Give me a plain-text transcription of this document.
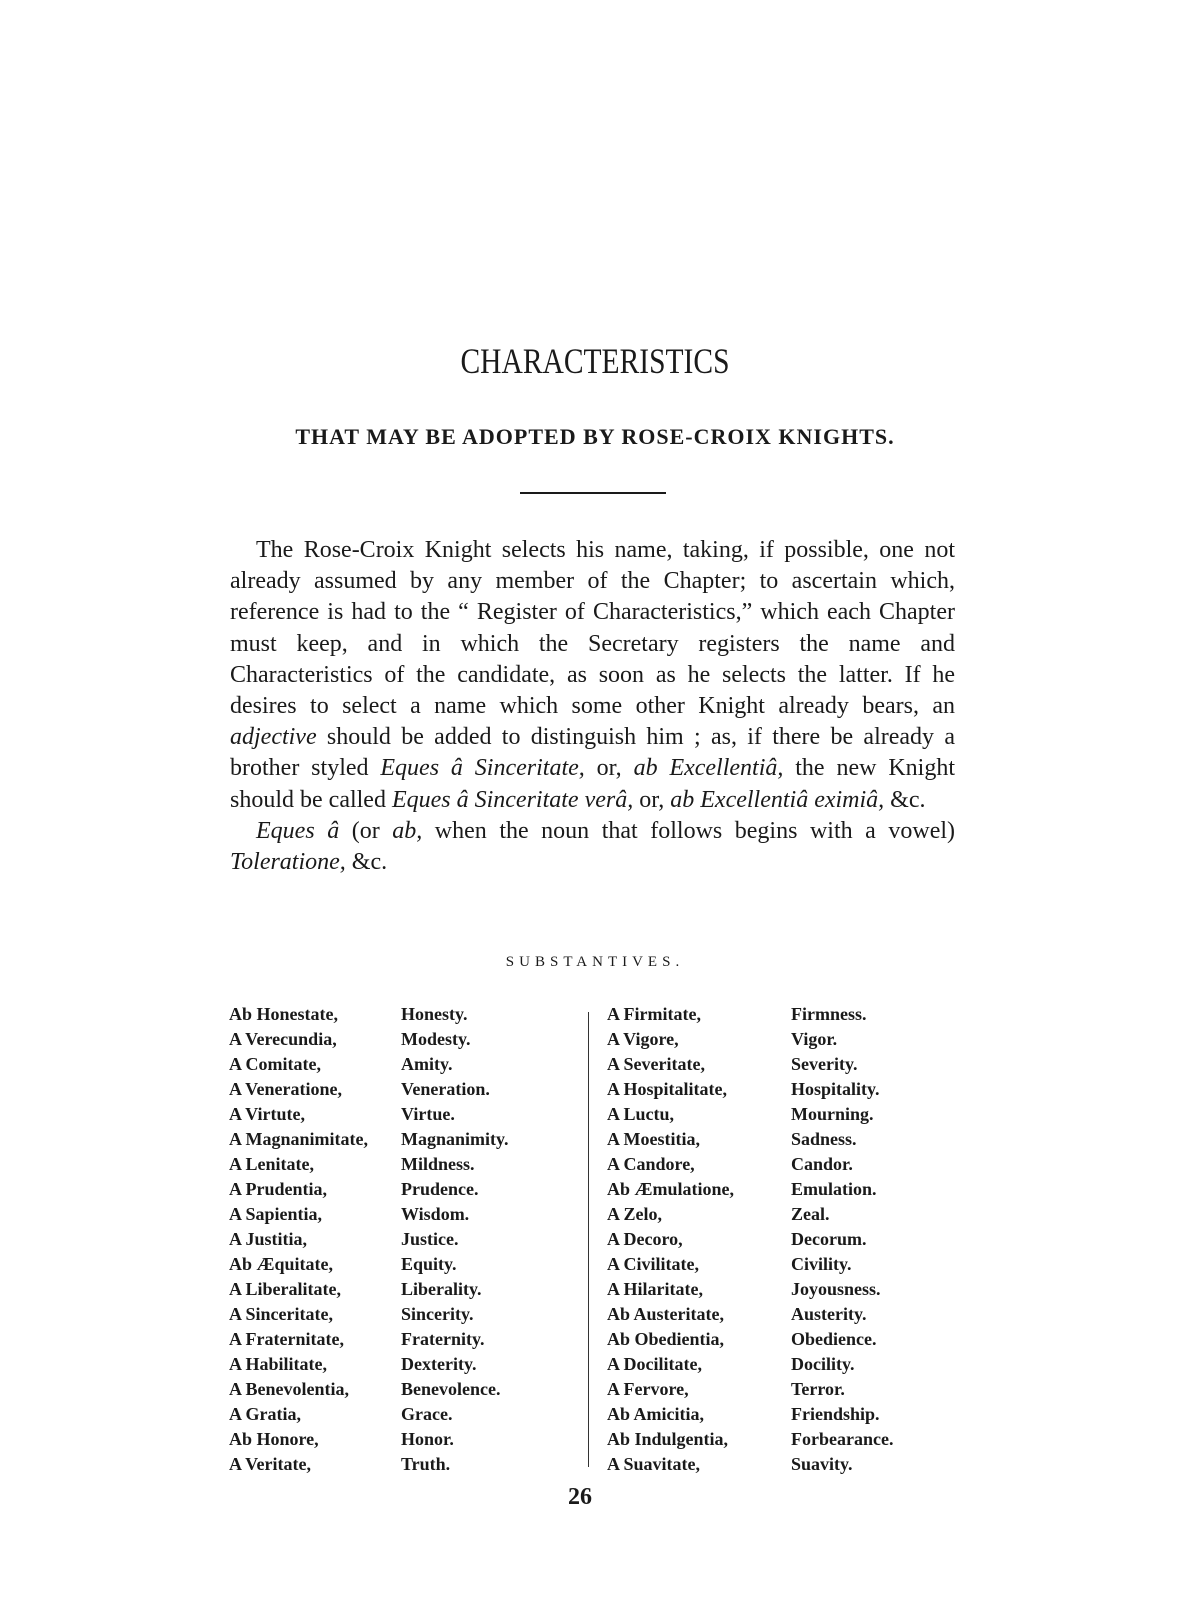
CHARACTERISTICS
THAT MAY BE ADOPTED BY ROSE-CROIX KNIGHTS.

The Rose-Croix Knight selects his name, taking, if possible, one not already assumed by any member of the Chapter; to ascertain which, reference is had to the “ Register of Characteristics,” which each Chapter must keep, and in which the Secretary registers the name and Characteristics of the candidate, as soon as he selects the latter. If he desires to select a name which some other Knight already bears, an adjective should be added to distinguish him ; as, if there be already a brother styled Eques â Sinceritate, or, ab Excellentiâ, the new Knight should be called Eques â Sinceritate verâ, or, ab Excellentiâ eximiâ, &c.

Eques â (or ab, when the noun that follows begins with a vowel) Toleratione, &c.

SUBSTANTIVES.
Ab Honestate,
A Verecundia,
A Comitate,
A Veneratione,
A Virtute,
A Magnanimitate,
A Lenitate,
A Prudentia,
A Sapientia,
A Justitia,
Ab Æquitate,
A Liberalitate,
A Sinceritate,
A Fraternitate,
A Habilitate,
A Benevolentia,
A Gratia,
Ab Honore,
A Veritate,
Honesty.
Modesty.
Amity.
Veneration.
Virtue.
Magnanimity.
Mildness.
Prudence.
Wisdom.
Justice.
Equity.
Liberality.
Sincerity.
Fraternity.
Dexterity.
Benevolence.
Grace.
Honor.
Truth.
A Firmitate,
A Vigore,
A Severitate,
A Hospitalitate,
A Luctu,
A Moestitia,
A Candore,
Ab Æmulatione,
A Zelo,
A Decoro,
A Civilitate,
A Hilaritate,
Ab Austeritate,
Ab Obedientia,
A Docilitate,
A Fervore,
Ab Amicitia,
Ab Indulgentia,
A Suavitate,
Firmness.
Vigor.
Severity.
Hospitality.
Mourning.
Sadness.
Candor.
Emulation.
Zeal.
Decorum.
Civility.
Joyousness.
Austerity.
Obedience.
Docility.
Terror.
Friendship.
Forbearance.
Suavity.
26
